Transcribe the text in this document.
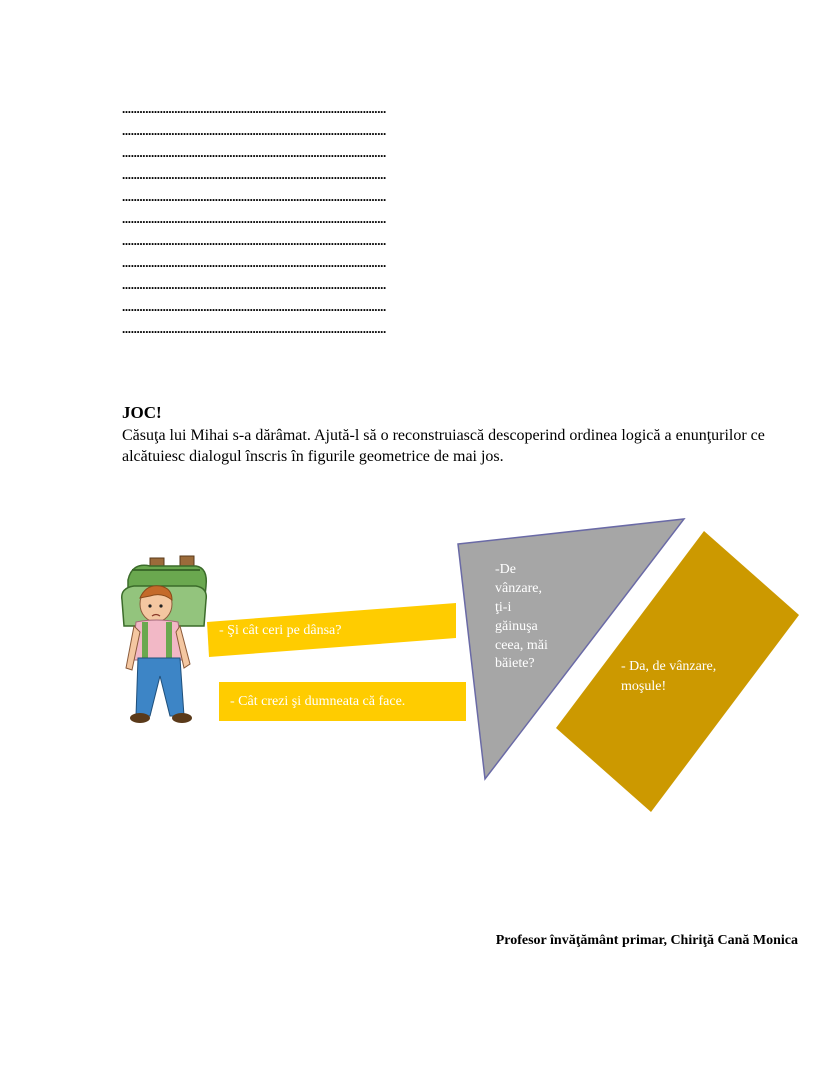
...........................................................................................
...........................................................................................
...........................................................................................
...........................................................................................
...........................................................................................
...........................................................................................
...........................................................................................
...........................................................................................
...........................................................................................
...........................................................................................
...........................................................................................
JOC!

Căsuţa lui Mihai s-a dărâmat. Ajută-l să o reconstruiască descoperind ordinea logică a enunţurilor ce alcătuiesc dialogul înscris în figurile geometrice de mai jos.

- Şi cât ceri pe dânsa?
- Cât crezi şi dumneata că face.
-De vânzare, ţi-i găinuşa ceea, măi băiete?	- Da, de vânzare, moşule!

Profesor învăţământ primar, Chiriţă Cană Monica
